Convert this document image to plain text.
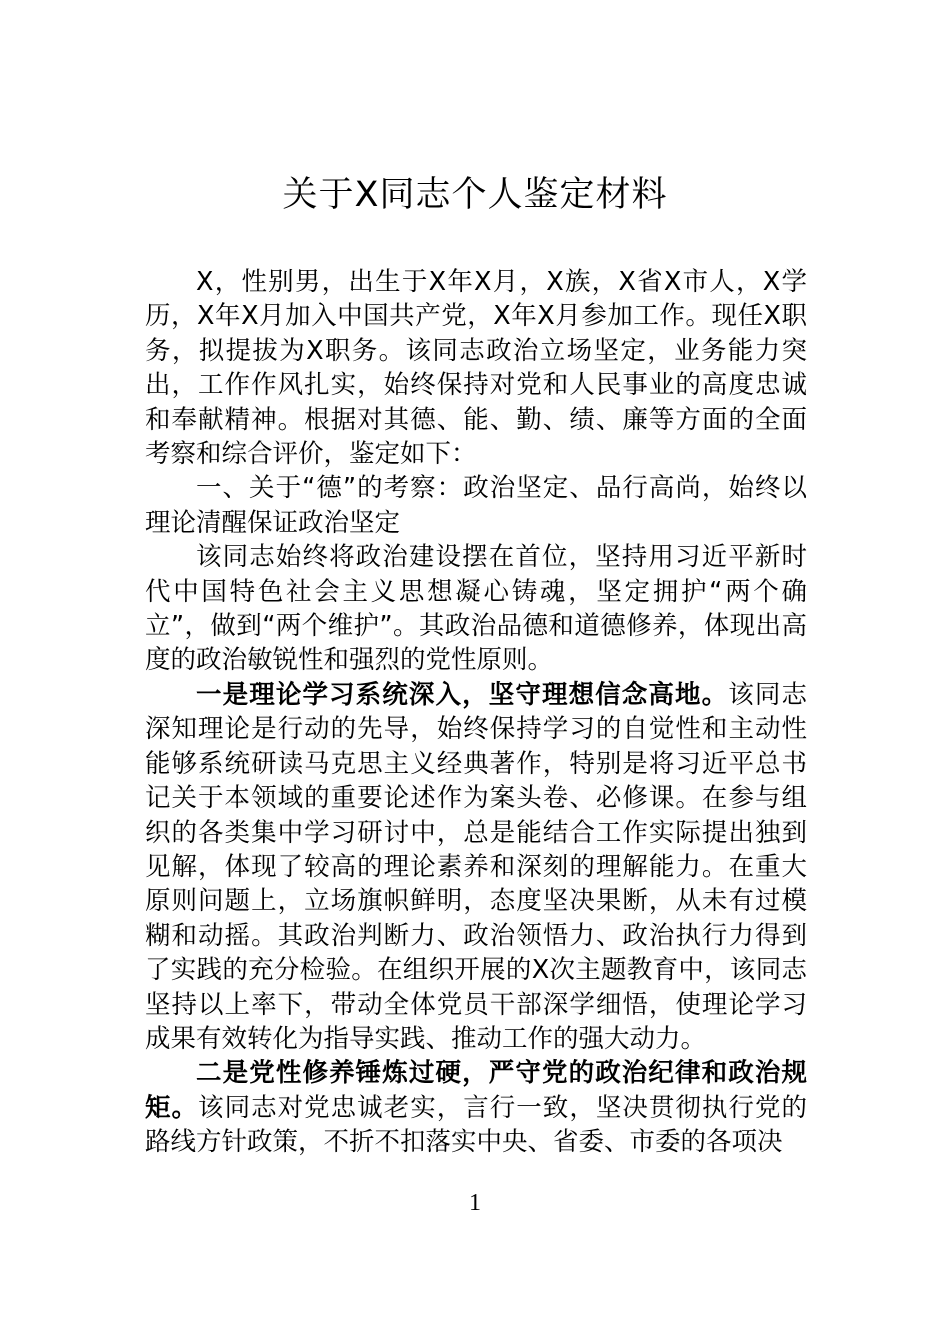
关于X同志个人鉴定材料

X，性别男，出生于X年X月，X族，X省X市人，X学历，X年X月加入中国共产党，X年X月参加工作。现任X职务，拟提拔为X职务。该同志政治立场坚定，业务能力突出，工作作风扎实，始终保持对党和人民事业的高度忠诚和奉献精神。根据对其德、能、勤、绩、廉等方面的全面考察和综合评价，鉴定如下：

一、关于“德”的考察：政治坚定、品行高尚，始终以理论清醒保证政治坚定

该同志始终将政治建设摆在首位，坚持用习近平新时代中国特色社会主义思想凝心铸魂，坚定拥护“两个确立”，做到“两个维护”。其政治品德和道德修养，体现出高度的政治敏锐性和强烈的党性原则。

一是理论学习系统深入，坚守理想信念高地。该同志深知理论是行动的先导，始终保持学习的自觉性和主动性能够系统研读马克思主义经典著作，特别是将习近平总书记关于本领域的重要论述作为案头卷、必修课。在参与组织的各类集中学习研讨中，总是能结合工作实际提出独到见解，体现了较高的理论素养和深刻的理解能力。在重大原则问题上，立场旗帜鲜明，态度坚决果断，从未有过模糊和动摇。其政治判断力、政治领悟力、政治执行力得到了实践的充分检验。在组织开展的X次主题教育中，该同志坚持以上率下，带动全体党员干部深学细悟，使理论学习成果有效转化为指导实践、推动工作的强大动力。

二是党性修养锤炼过硬，严守党的政治纪律和政治规矩。该同志对党忠诚老实，言行一致，坚决贯彻执行党的路线方针政策，不折不扣落实中央、省委、市委的各项决

1
